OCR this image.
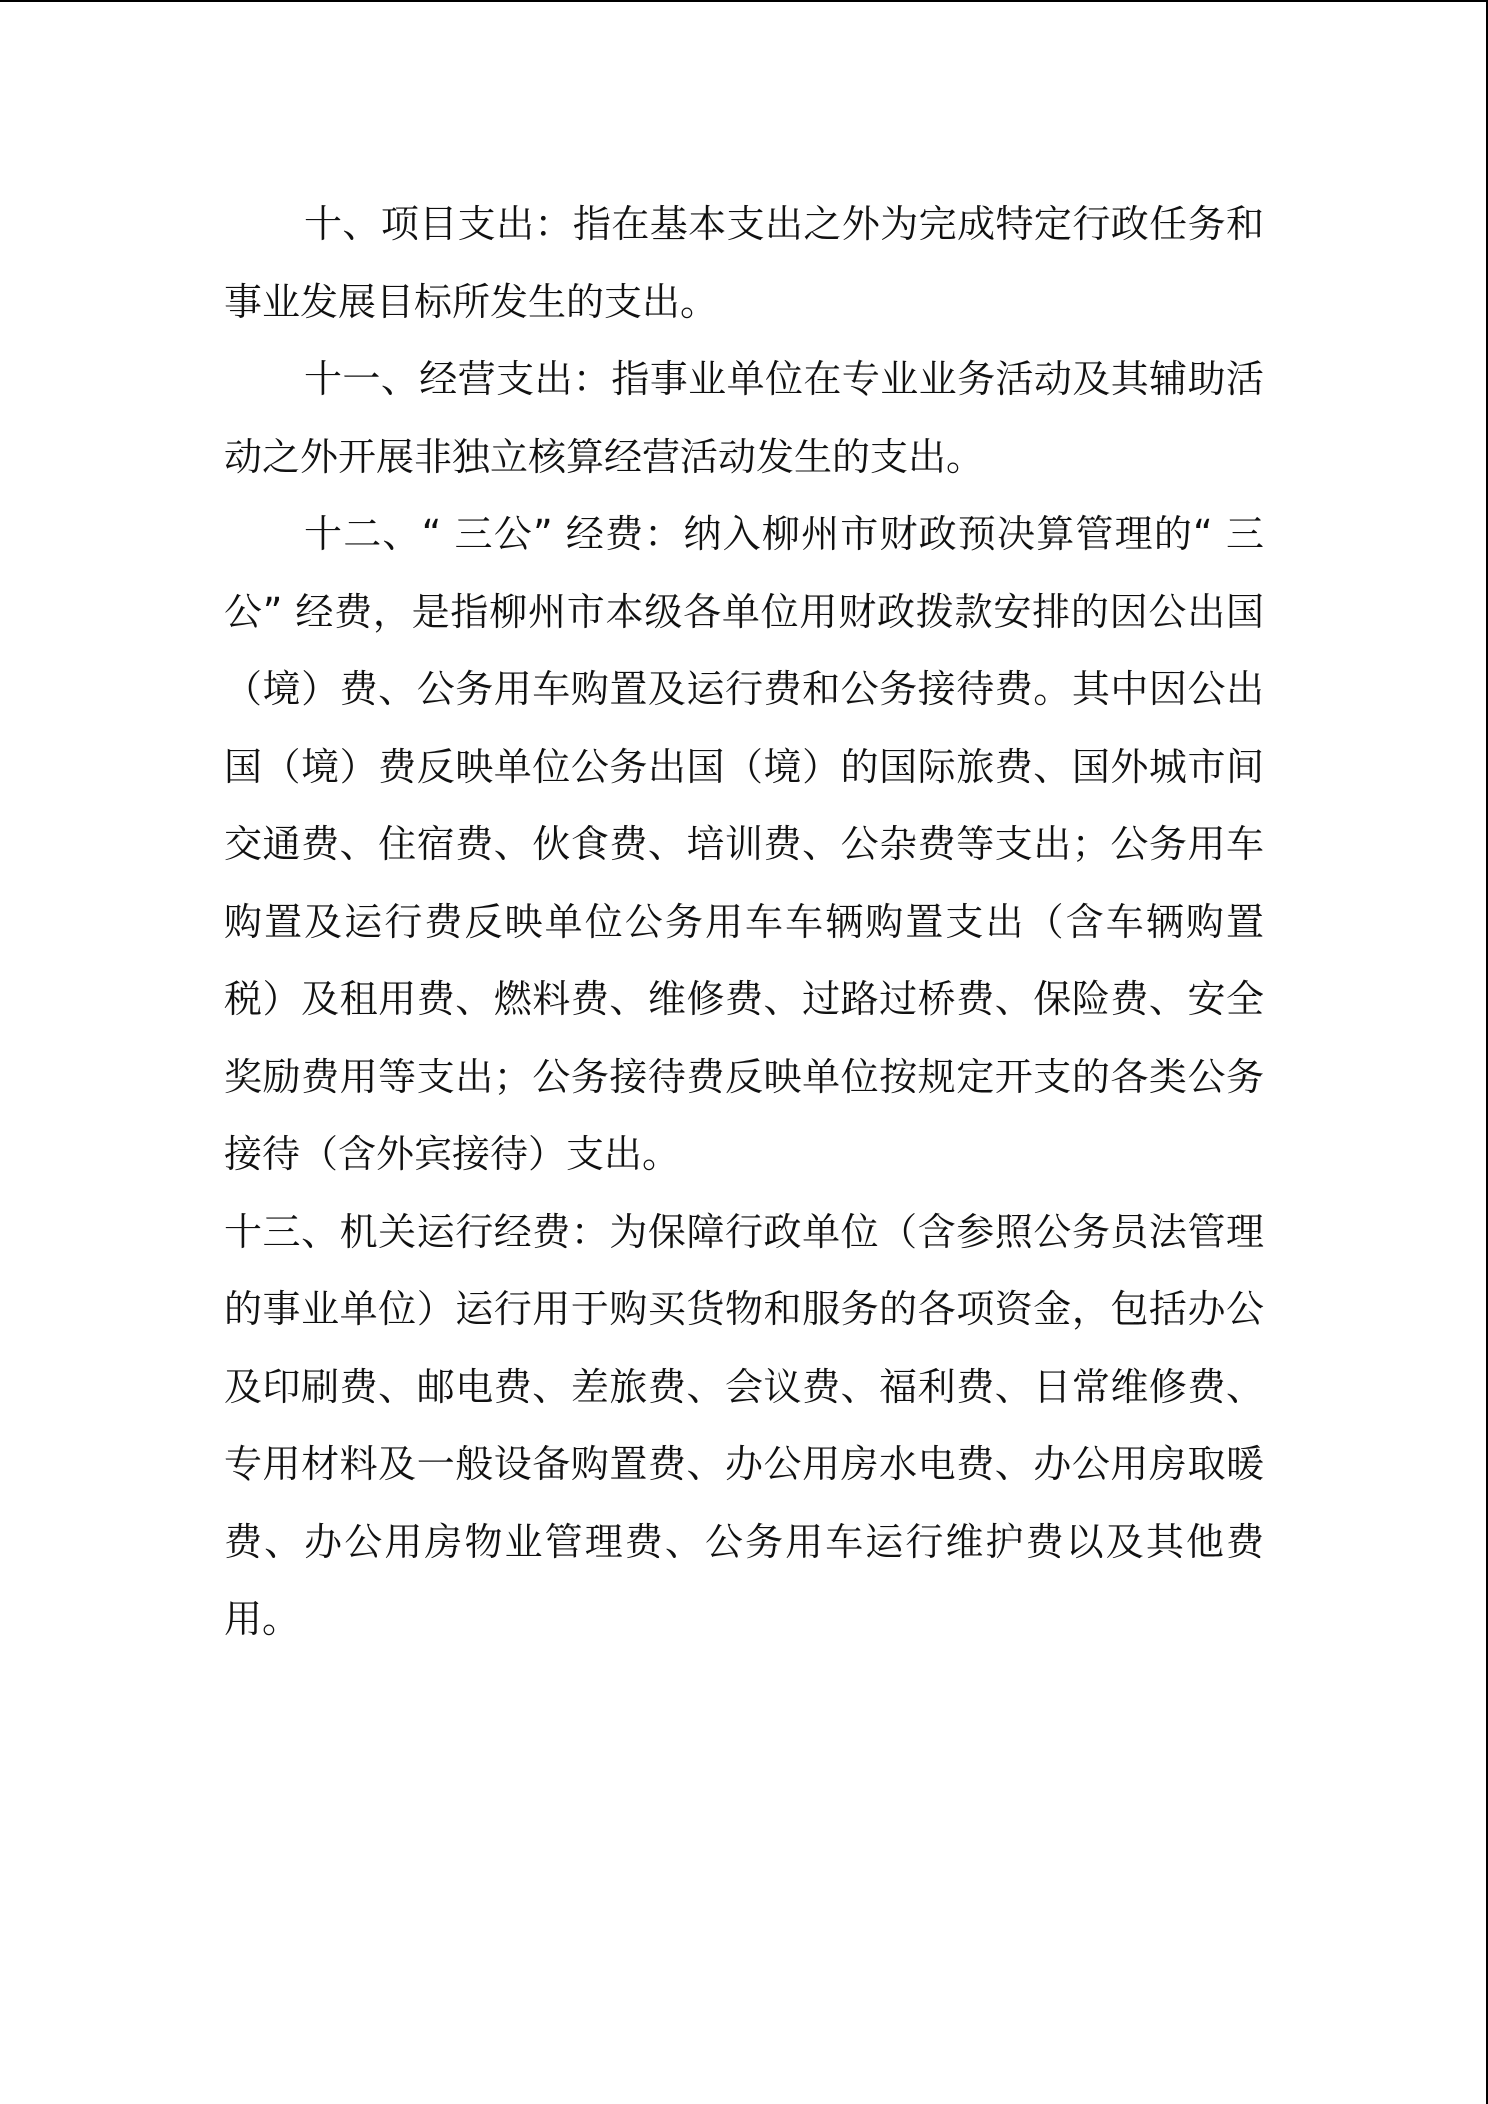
十、项目支出：指在基本支出之外为完成特定行政任务和事业发展目标所发生的支出。

十一、经营支出：指事业单位在专业业务活动及其辅助活动之外开展非独立核算经营活动发生的支出。

十二、“ 三公” 经费：纳入柳州市财政预决算管理的“ 三公” 经费，是指柳州市本级各单位用财政拨款安排的因公出国（境）费、公务用车购置及运行费和公务接待费。其中因公出国（境）费反映单位公务出国（境）的国际旅费、国外城市间交通费、住宿费、伙食费、培训费、公杂费等支出；公务用车购置及运行费反映单位公务用车车辆购置支出（含车辆购置税）及租用费、燃料费、维修费、过路过桥费、保险费、安全奖励费用等支出；公务接待费反映单位按规定开支的各类公务接待（含外宾接待）支出。

十三、机关运行经费：为保障行政单位（含参照公务员法管理的事业单位）运行用于购买货物和服务的各项资金，包括办公及印刷费、邮电费、差旅费、会议费、福利费、日常维修费、专用材料及一般设备购置费、办公用房水电费、办公用房取暖费、办公用房物业管理费、公务用车运行维护费以及其他费用。
